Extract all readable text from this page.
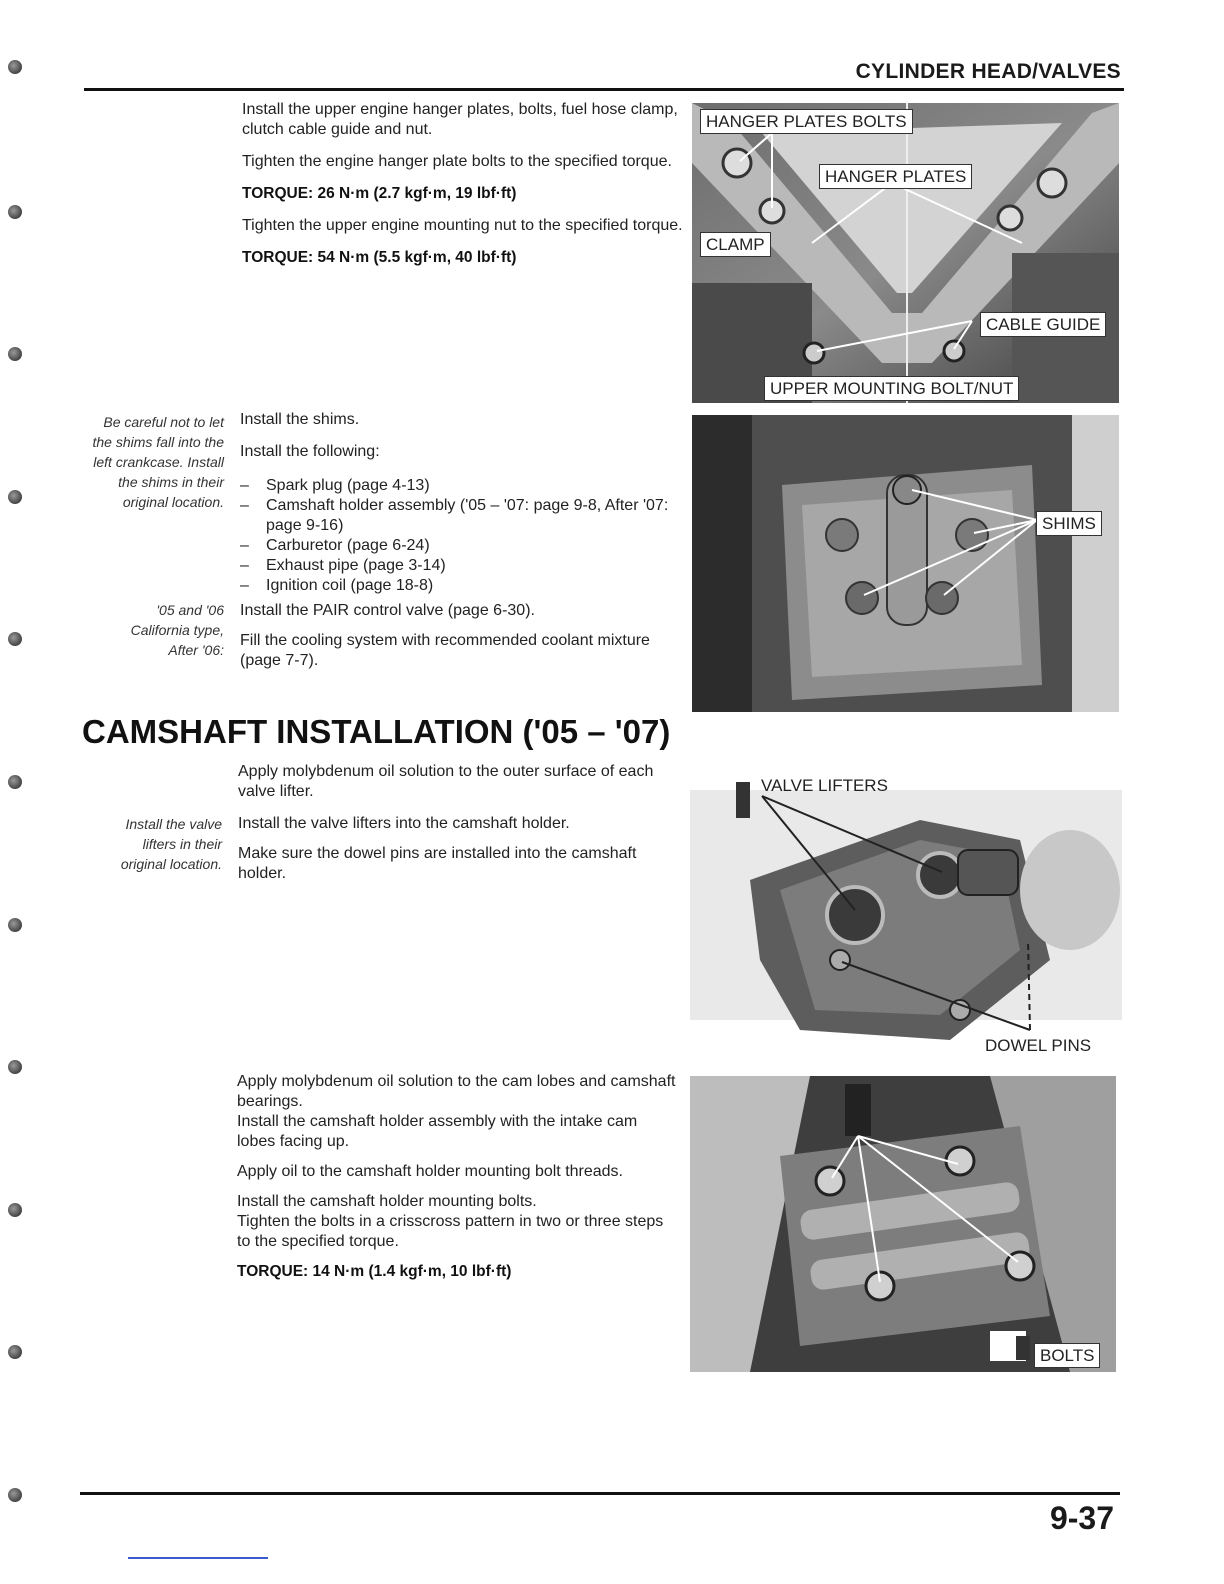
CYLINDER HEAD/VALVES
Install the upper engine hanger plates, bolts, fuel hose clamp, clutch cable guide and nut.
Tighten the engine hanger plate bolts to the specified torque.
TORQUE: 26 N·m (2.7 kgf·m, 19 lbf·ft)
Tighten the upper engine mounting nut to the specified torque.
TORQUE: 54 N·m (5.5 kgf·m, 40 lbf·ft)
HANGER PLATES BOLTS
HANGER PLATES
CLAMP
CABLE GUIDE
UPPER MOUNTING BOLT/NUT
Be careful not to let the shims fall into the left crankcase. Install the shims in their original location.
Install the shims.
Install the following:
– Spark plug (page 4-13)
– Camshaft holder assembly ('05 – '07: page 9-8, After '07: page 9-16)
– Carburetor (page 6-24)
– Exhaust pipe (page 3-14)
– Ignition coil (page 18-8)
'05 and '06 California type, After '06:
Install the PAIR control valve (page 6-30).
Fill the cooling system with recommended coolant mixture (page 7-7).
SHIMS
CAMSHAFT INSTALLATION ('05 – '07)
Apply molybdenum oil solution to the outer surface of each valve lifter.
Install the valve lifters into the camshaft holder.
Make sure the dowel pins are installed into the camshaft holder.
Install the valve lifters in their original location.
VALVE LIFTERS
DOWEL PINS
Apply molybdenum oil solution to the cam lobes and camshaft bearings.
Install the camshaft holder assembly with the intake cam lobes facing up.
Apply oil to the camshaft holder mounting bolt threads.
Install the camshaft holder mounting bolts.
Tighten the bolts in a crisscross pattern in two or three steps to the specified torque.
TORQUE: 14 N·m (1.4 kgf·m, 10 lbf·ft)
BOLTS
9-37
